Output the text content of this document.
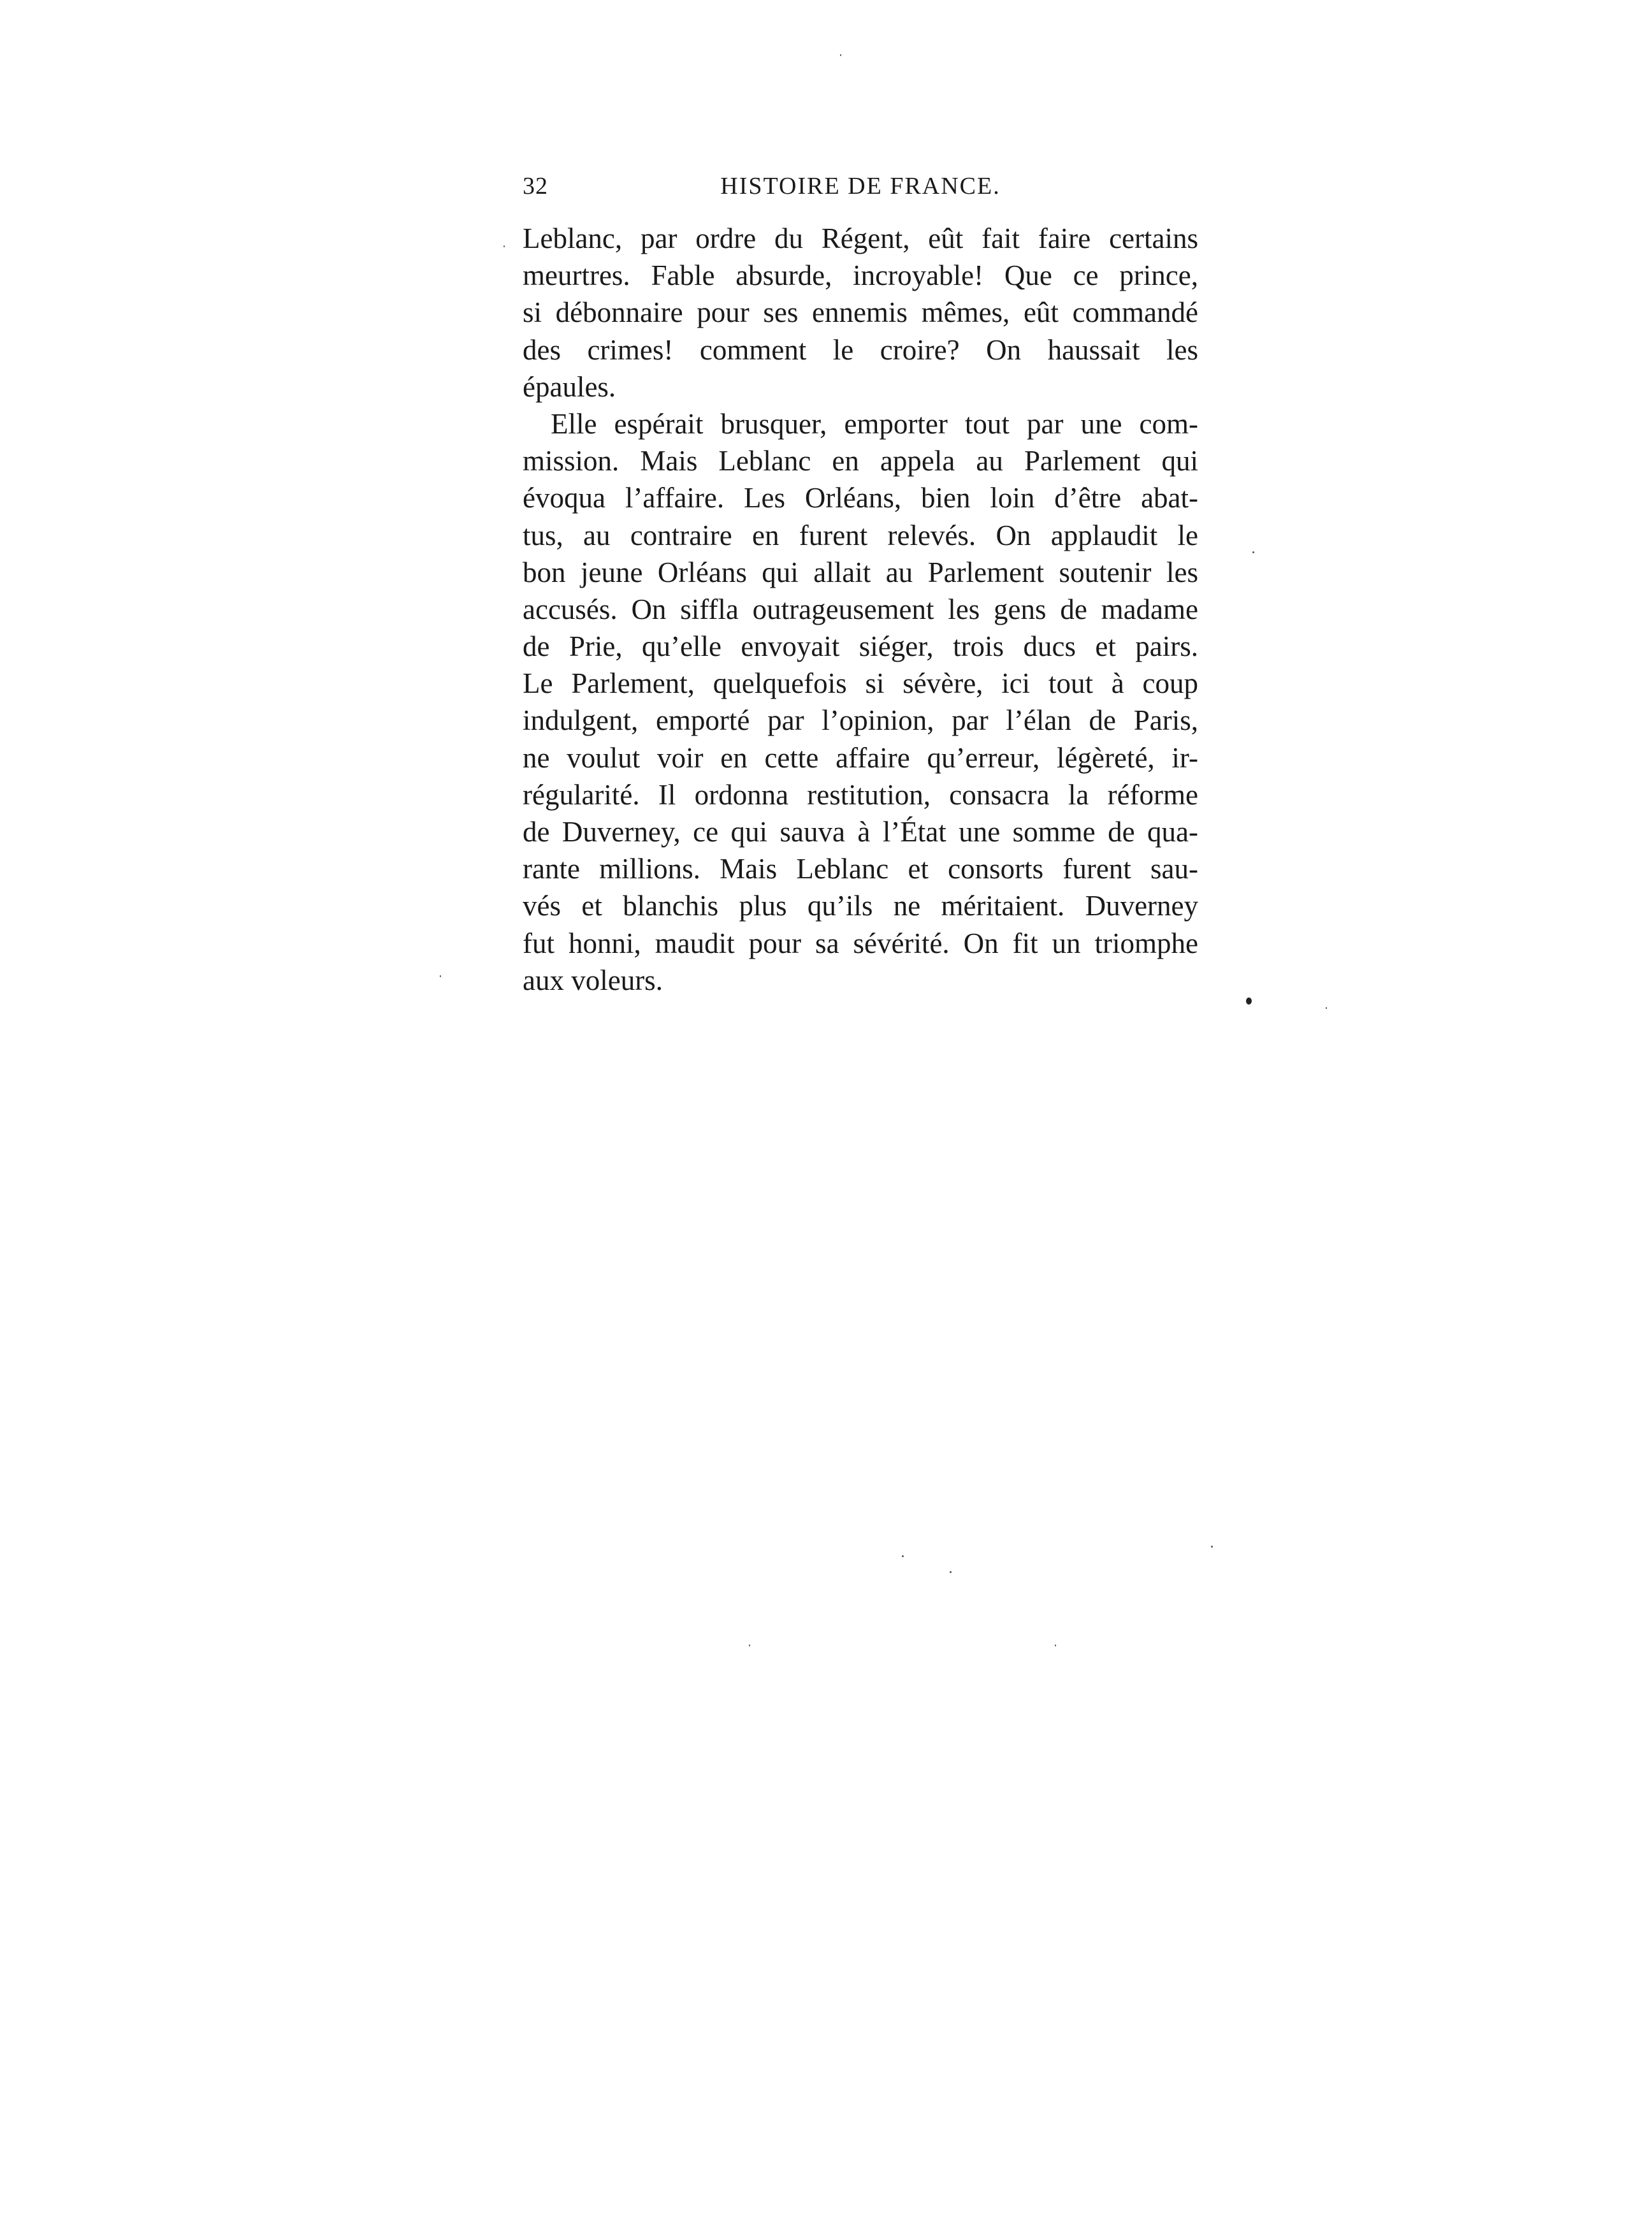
32	HISTOIRE DE FRANCE.
Leblanc, par ordre du Régent, eût fait faire certains
meurtres. Fable absurde, incroyable! Que ce prince,
si débonnaire pour ses ennemis mêmes, eût commandé
des crimes! comment le croire? On haussait les
épaules.
Elle espérait brusquer, emporter tout par une com-
mission. Mais Leblanc en appela au Parlement qui
évoqua l’affaire. Les Orléans, bien loin d’être abat-
tus, au contraire en furent relevés. On applaudit le
bon jeune Orléans qui allait au Parlement soutenir les
accusés. On siffla outrageusement les gens de madame
de Prie, qu’elle envoyait siéger, trois ducs et pairs.
Le Parlement, quelquefois si sévère, ici tout à coup
indulgent, emporté par l’opinion, par l’élan de Paris,
ne voulut voir en cette affaire qu’erreur, légèreté, ir-
régularité. Il ordonna restitution, consacra la réforme
de Duverney, ce qui sauva à l’État une somme de qua-
rante millions. Mais Leblanc et consorts furent sau-
vés et blanchis plus qu’ils ne méritaient. Duverney
fut honni, maudit pour sa sévérité. On fit un triomphe
aux voleurs.
